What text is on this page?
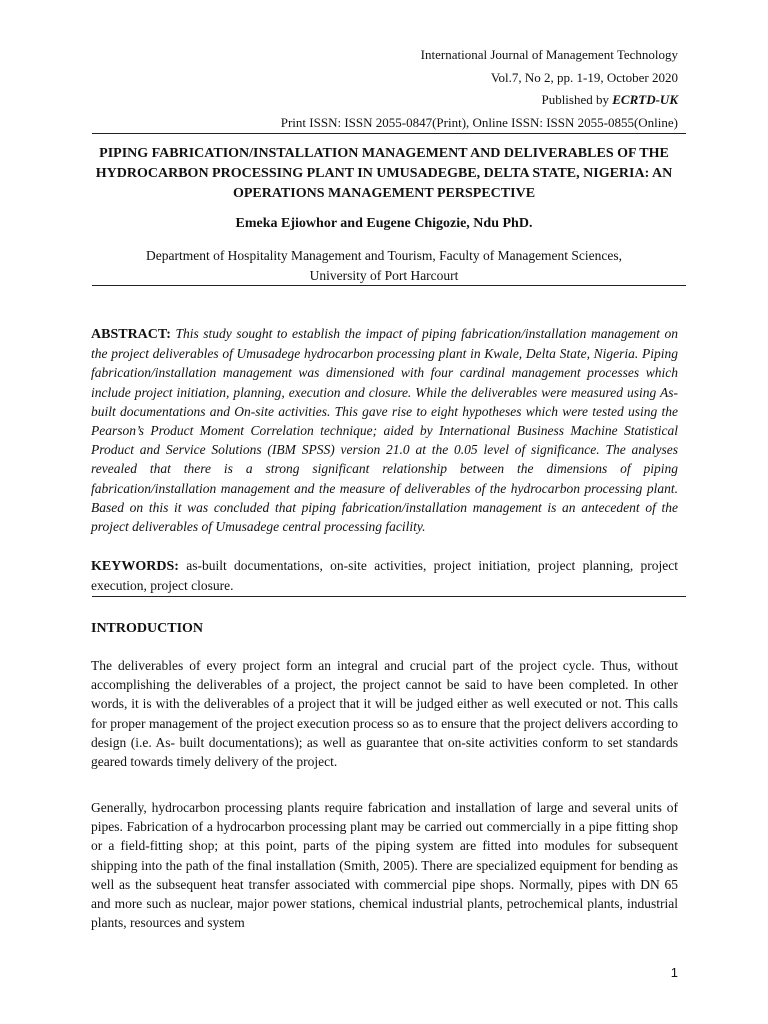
International Journal of Management Technology
Vol.7, No 2, pp. 1-19, October 2020
Published by ECRTD-UK
Print ISSN: ISSN 2055-0847(Print), Online ISSN: ISSN 2055-0855(Online)
PIPING FABRICATION/INSTALLATION MANAGEMENT AND DELIVERABLES OF THE HYDROCARBON PROCESSING PLANT IN UMUSADEGBE, DELTA STATE, NIGERIA: AN OPERATIONS MANAGEMENT PERSPECTIVE
Emeka Ejiowhor and Eugene Chigozie, Ndu PhD.
Department of Hospitality Management and Tourism, Faculty of Management Sciences,
University of Port Harcourt

ABSTRACT: This study sought to establish the impact of piping fabrication/installation management on the project deliverables of Umusadege hydrocarbon processing plant in Kwale, Delta State, Nigeria. Piping fabrication/installation management was dimensioned with four cardinal management processes which include project initiation, planning, execution and closure. While the deliverables were measured using As-built documentations and On-site activities. This gave rise to eight hypotheses which were tested using the Pearson’s Product Moment Correlation technique; aided by International Business Machine Statistical Product and Service Solutions (IBM SPSS) version 21.0 at the 0.05 level of significance. The analyses revealed that there is a strong significant relationship between the dimensions of piping fabrication/installation management and the measure of deliverables of the hydrocarbon processing plant. Based on this it was concluded that piping fabrication/installation management is an antecedent of the project deliverables of Umusadege central processing facility.

KEYWORDS: as-built documentations, on-site activities, project initiation, project planning, project execution, project closure.

INTRODUCTION

The deliverables of every project form an integral and crucial part of the project cycle. Thus, without accomplishing the deliverables of a project, the project cannot be said to have been completed. In other words, it is with the deliverables of a project that it will be judged either as well executed or not. This calls for proper management of the project execution process so as to ensure that the project delivers according to design (i.e. As- built documentations); as well as guarantee that on-site activities conform to set standards geared towards timely delivery of the project.

Generally, hydrocarbon processing plants require fabrication and installation of large and several units of pipes. Fabrication of a hydrocarbon processing plant may be carried out commercially in a pipe fitting shop or a field-fitting shop; at this point, parts of the piping system are fitted into modules for subsequent shipping into the path of the final installation (Smith, 2005). There are specialized equipment for bending as well as the subsequent heat transfer associated with commercial pipe shops. Normally, pipes with DN 65 and more such as nuclear, major power stations, chemical industrial plants, petrochemical plants, industrial plants, resources and system

1
